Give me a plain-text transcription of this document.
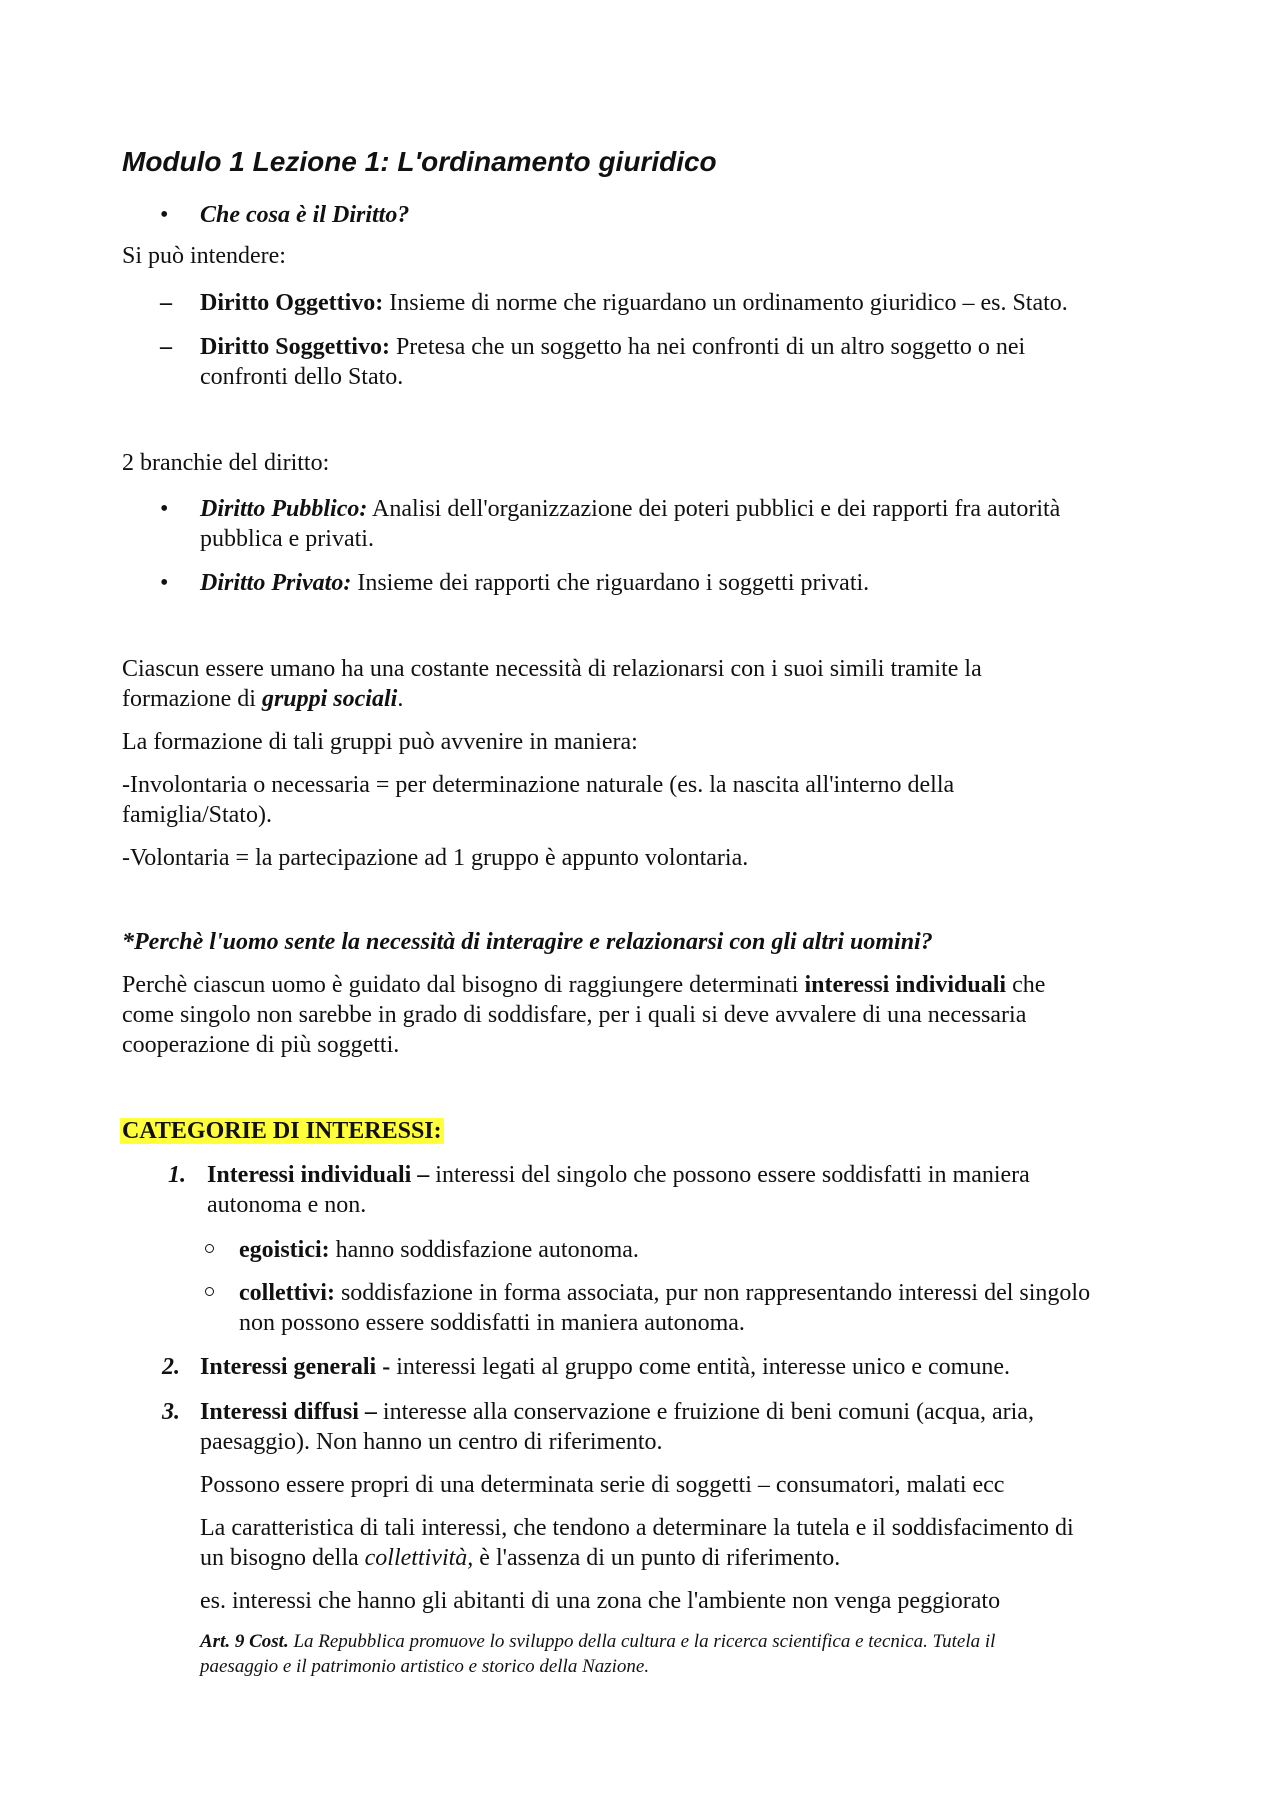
Modulo 1 Lezione 1: L'ordinamento giuridico
•	Che cosa è il Diritto?
Si può intendere:
– Diritto Oggettivo: Insieme di norme che riguardano un ordinamento giuridico – es. Stato.
– Diritto Soggettivo: Pretesa che un soggetto ha nei confronti di un altro soggetto o nei
confronti dello Stato.
2 branchie del diritto:
•	Diritto Pubblico: Analisi dell'organizzazione dei poteri pubblici e dei rapporti fra autorità
pubblica e privati.
•	Diritto Privato: Insieme dei rapporti che riguardano i soggetti privati.
Ciascun essere umano ha una costante necessità di relazionarsi con i suoi simili tramite la
formazione di gruppi sociali.
La formazione di tali gruppi può avvenire in maniera:
-Involontaria o necessaria = per determinazione naturale (es. la nascita all'interno della
famiglia/Stato).
-Volontaria = la partecipazione ad 1 gruppo è appunto volontaria.
*Perchè l'uomo sente la necessità di interagire e relazionarsi con gli altri uomini?
Perchè ciascun uomo è guidato dal bisogno di raggiungere determinati interessi individuali che
come singolo non sarebbe in grado di soddisfare, per i quali si deve avvalere di una necessaria
cooperazione di più soggetti.
CATEGORIE DI INTERESSI:
1. Interessi individuali – interessi del singolo che possono essere soddisfatti in maniera
autonoma e non.
egoistici: hanno soddisfazione autonoma.
collettivi: soddisfazione in forma associata, pur non rappresentando interessi del singolo
non possono essere soddisfatti in maniera autonoma.
2. Interessi generali - interessi legati al gruppo come entità, interesse unico e comune.
3. Interessi diffusi – interesse alla conservazione e fruizione di beni comuni (acqua, aria,
paesaggio). Non hanno un centro di riferimento.
Possono essere propri di una determinata serie di soggetti – consumatori, malati ecc
La caratteristica di tali interessi, che tendono a determinare la tutela e il soddisfacimento di
un bisogno della collettività, è l'assenza di un punto di riferimento.
es. interessi che hanno gli abitanti di una zona che l'ambiente non venga peggiorato
Art. 9 Cost. La Repubblica promuove lo sviluppo della cultura e la ricerca scientifica e tecnica. Tutela il
paesaggio e il patrimonio artistico e storico della Nazione.
